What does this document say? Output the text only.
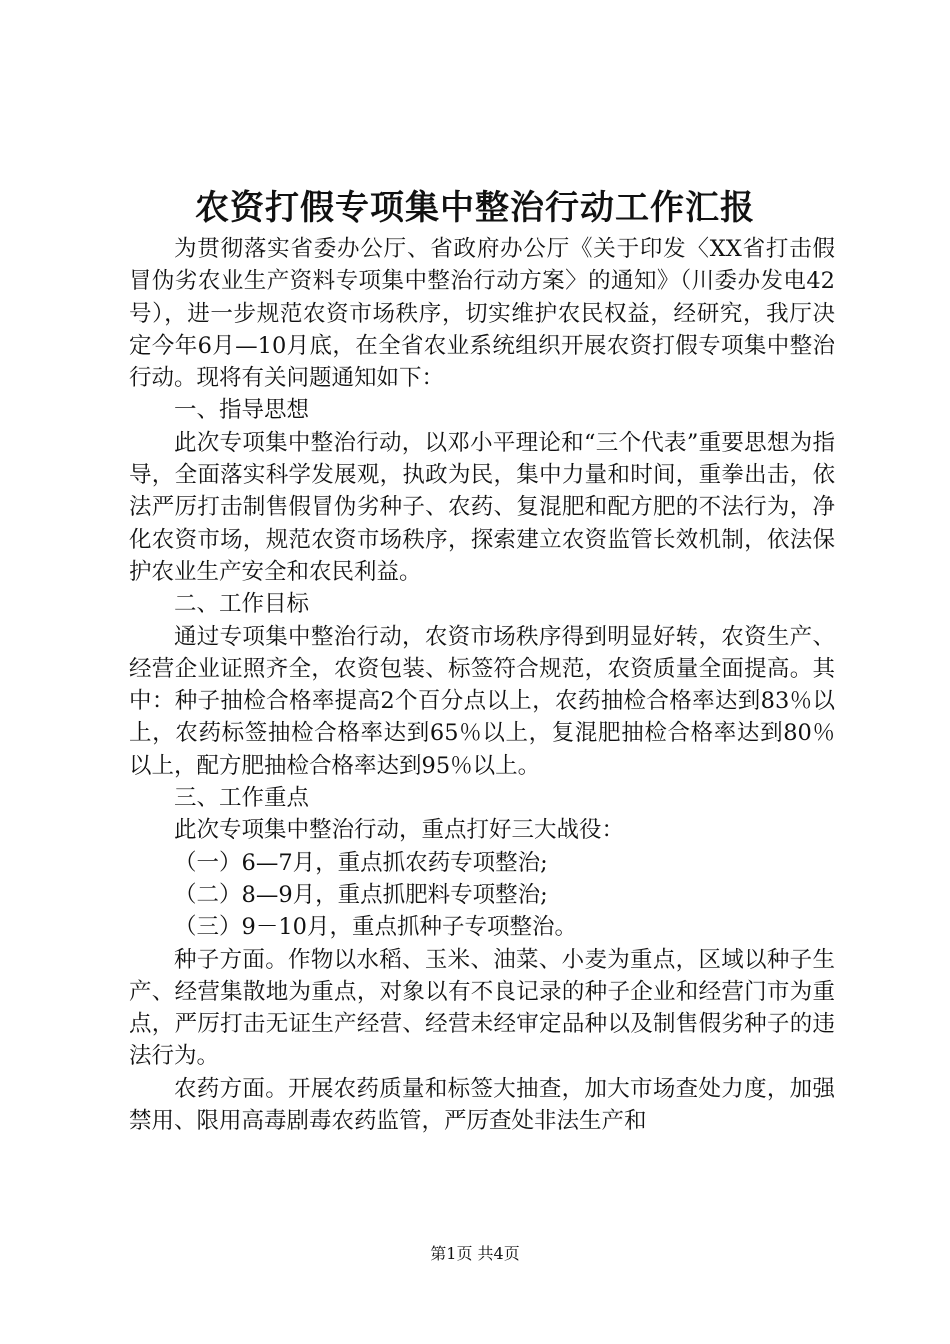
农资打假专项集中整治行动工作汇报

为贯彻落实省委办公厅、省政府办公厅《关于印发〈XX省打击假冒伪劣农业生产资料专项集中整治行动方案〉的通知》（川委办发电42号），进一步规范农资市场秩序，切实维护农民权益，经研究，我厅决定今年6月—10月底，在全省农业系统组织开展农资打假专项集中整治行动。现将有关问题通知如下：

一、指导思想

此次专项集中整治行动，以邓小平理论和“三个代表”重要思想为指导，全面落实科学发展观，执政为民，集中力量和时间，重拳出击，依法严厉打击制售假冒伪劣种子、农药、复混肥和配方肥的不法行为，净化农资市场，规范农资市场秩序，探索建立农资监管长效机制，依法保护农业生产安全和农民利益。

二、工作目标

通过专项集中整治行动，农资市场秩序得到明显好转，农资生产、经营企业证照齐全，农资包装、标签符合规范，农资质量全面提高。其中：种子抽检合格率提高2个百分点以上，农药抽检合格率达到83％以上，农药标签抽检合格率达到65％以上，复混肥抽检合格率达到80％以上，配方肥抽检合格率达到95％以上。

三、工作重点

此次专项集中整治行动，重点打好三大战役：

（一）6—7月，重点抓农药专项整治;

（二）8—9月，重点抓肥料专项整治;

（三）9－10月，重点抓种子专项整治。

种子方面。作物以水稻、玉米、油菜、小麦为重点，区域以种子生产、经营集散地为重点，对象以有不良记录的种子企业和经营门市为重点，严厉打击无证生产经营、经营未经审定品种以及制售假劣种子的违法行为。

农药方面。开展农药质量和标签大抽查，加大市场查处力度，加强禁用、限用高毒剧毒农药监管，严厉查处非法生产和

第1页 共4页
